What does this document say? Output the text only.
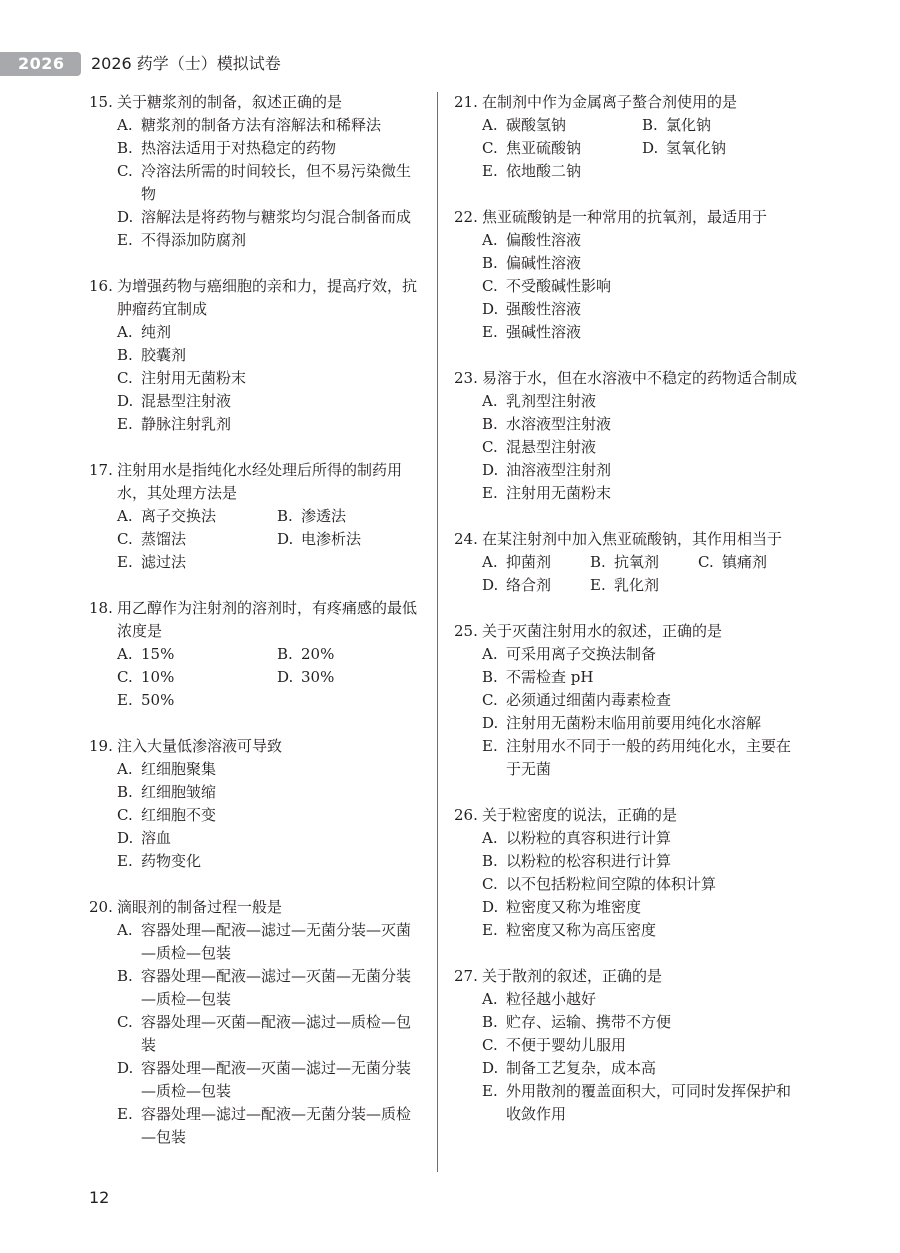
2026	2026 药学（士）模拟试卷
15. 关于糖浆剂的制备，叙述正确的是
A. 糖浆剂的制备方法有溶解法和稀释法
B. 热溶法适用于对热稳定的药物
C. 冷溶法所需的时间较长，但不易污染微生物
D. 溶解法是将药物与糖浆均匀混合制备而成
E. 不得添加防腐剂
16. 为增强药物与癌细胞的亲和力，提高疗效，抗肿瘤药宜制成
A. 纯剂
B. 胶囊剂
C. 注射用无菌粉末
D. 混悬型注射液
E. 静脉注射乳剂
17. 注射用水是指纯化水经处理后所得的制药用水，其处理方法是
A. 离子交换法	B. 渗透法
C. 蒸馏法	D. 电渗析法
E. 滤过法
18. 用乙醇作为注射剂的溶剂时，有疼痛感的最低浓度是
A. 15%	B. 20%
C. 10%	D. 30%
E. 50%
19. 注入大量低渗溶液可导致
A. 红细胞聚集
B. 红细胞皱缩
C. 红细胞不变
D. 溶血
E. 药物变化
20. 滴眼剂的制备过程一般是
A. 容器处理—配液—滤过—无菌分装—灭菌—质检—包装
B. 容器处理—配液—滤过—灭菌—无菌分装—质检—包装
C. 容器处理—灭菌—配液—滤过—质检—包装
D. 容器处理—配液—灭菌—滤过—无菌分装—质检—包装
E. 容器处理—滤过—配液—无菌分装—质检—包装
21. 在制剂中作为金属离子螯合剂使用的是
A. 碳酸氢钠	B. 氯化钠
C. 焦亚硫酸钠	D. 氢氧化钠
E. 依地酸二钠
22. 焦亚硫酸钠是一种常用的抗氧剂，最适用于
A. 偏酸性溶液
B. 偏碱性溶液
C. 不受酸碱性影响
D. 强酸性溶液
E. 强碱性溶液
23. 易溶于水，但在水溶液中不稳定的药物适合制成
A. 乳剂型注射液
B. 水溶液型注射液
C. 混悬型注射液
D. 油溶液型注射剂
E. 注射用无菌粉末
24. 在某注射剂中加入焦亚硫酸钠，其作用相当于
A. 抑菌剂	B. 抗氧剂	C. 镇痛剂
D. 络合剂	E. 乳化剂
25. 关于灭菌注射用水的叙述，正确的是
A. 可采用离子交换法制备
B. 不需检查 pH
C. 必须通过细菌内毒素检查
D. 注射用无菌粉末临用前要用纯化水溶解
E. 注射用水不同于一般的药用纯化水，主要在于无菌
26. 关于粒密度的说法，正确的是
A. 以粉粒的真容积进行计算
B. 以粉粒的松容积进行计算
C. 以不包括粉粒间空隙的体积计算
D. 粒密度又称为堆密度
E. 粒密度又称为高压密度
27. 关于散剂的叙述，正确的是
A. 粒径越小越好
B. 贮存、运输、携带不方便
C. 不便于婴幼儿服用
D. 制备工艺复杂，成本高
E. 外用散剂的覆盖面积大，可同时发挥保护和收敛作用
12
